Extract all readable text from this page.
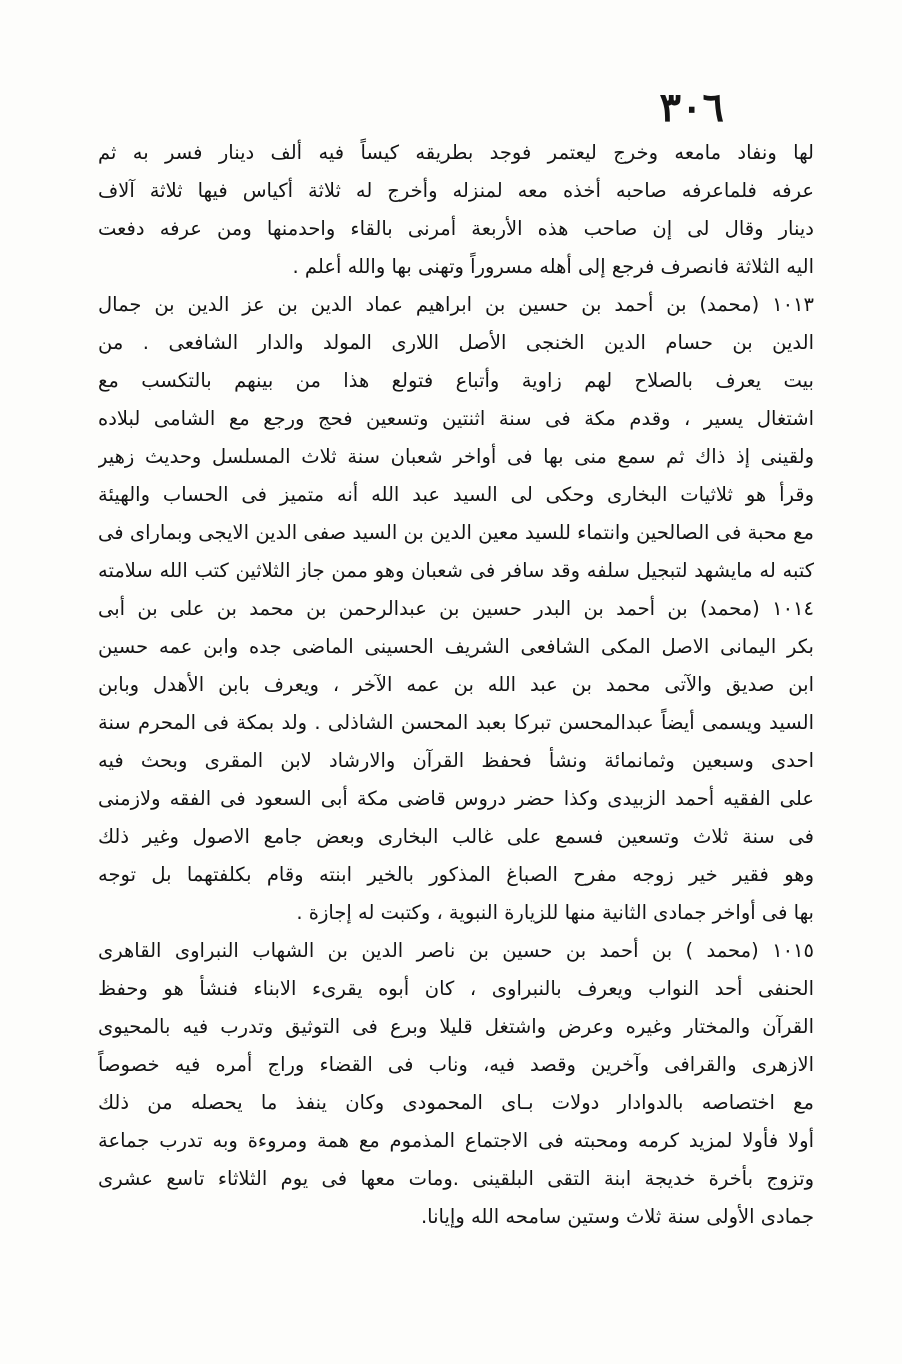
٣٠٦
لها ونفاد مامعه وخرج ليعتمر فوجد بطريقه كيساً فيه ألف دينار فسر به ثم
عرفه فلماعرفه صاحبه أخذه معه لمنزله وأخرج له ثلاثة أكياس فيها ثلاثة آلاف
دينار وقال لى إن صاحب هذه الأربعة أمرنى بالقاء واحدمنها ومن عرفه دفعت
اليه الثلاثة فانصرف فرجع إلى أهله مسروراً وتهنى بها والله أعلم .
١٠١٣ (محمد) بن أحمد بن حسين بن ابراهيم عماد الدين بن عز الدين بن جمال
الدين بن حسام الدين الخنجى الأصل اللارى المولد والدار الشافعى . من
بيت يعرف بالصلاح لهم زاوية وأتباع فتولع هذا من بينهم بالتكسب مع
اشتغال يسير ، وقدم مكة فى سنة اثنتين وتسعين فحج ورجع مع الشامى لبلاده
ولقينى إذ ذاك ثم سمع منى بها فى أواخر شعبان سنة ثلاث المسلسل وحديث زهير
وقرأ هو ثلاثيات البخارى وحكى لى السيد عبد الله أنه متميز فى الحساب والهيئة
مع محبة فى الصالحين وانتماء للسيد معين الدين بن السيد صفى الدين الايجى وبماراى فى
كتبه له مايشهد لتبجيل سلفه وقد سافر فى شعبان وهو ممن جاز الثلاثين كتب الله سلامته
١٠١٤ (محمد) بن أحمد بن البدر حسين بن عبدالرحمن بن محمد بن على بن أبى
بكر اليمانى الاصل المكى الشافعى الشريف الحسينى الماضى جده وابن عمه حسين
ابن صديق والآتى محمد بن عبد الله بن عمه الآخر ، ويعرف بابن الأهدل وبابن
السيد ويسمى أيضاً عبدالمحسن تبركا بعبد المحسن الشاذلى . ولد بمكة فى المحرم سنة
احدى وسبعين وثمانمائة ونشأ فحفظ القرآن والارشاد لابن المقرى وبحث فيه
على الفقيه أحمد الزبيدى وكذا حضر دروس قاضى مكة أبى السعود فى الفقه ولازمنى
فى سنة ثلاث وتسعين فسمع على غالب البخارى وبعض جامع الاصول وغير ذلك
وهو فقير خير زوجه مفرح الصباغ المذكور بالخير ابنته وقام بكلفتهما بل توجه
بها فى أواخر جمادى الثانية منها للزيارة النبوية ، وكتبت له إجازة .
١٠١٥ (محمد ) بن أحمد بن حسين بن ناصر الدين بن الشهاب النبراوى القاهرى
الحنفى أحد النواب ويعرف بالنبراوى ، كان أبوه يقرىء الابناء فنشأ هو وحفظ
القرآن والمختار وغيره وعرض واشتغل قليلا وبرع فى التوثيق وتدرب فيه بالمحيوى
الازهرى والقرافى وآخرين وقصد فيه، وناب فى القضاء وراج أمره فيه خصوصاً
مع اختصاصه بالدوادار دولات بـاى المحمودى وكان ينفذ ما يحصله من ذلك
أولا فأولا لمزيد كرمه ومحبته فى الاجتماع المذموم مع همة ومروءة وبه تدرب جماعة
وتزوج بأخرة خديجة ابنة التقى البلقينى .ومات معها فى يوم الثلاثاء تاسع عشرى
جمادى الأولى سنة ثلاث وستين سامحه الله وإيانا.
